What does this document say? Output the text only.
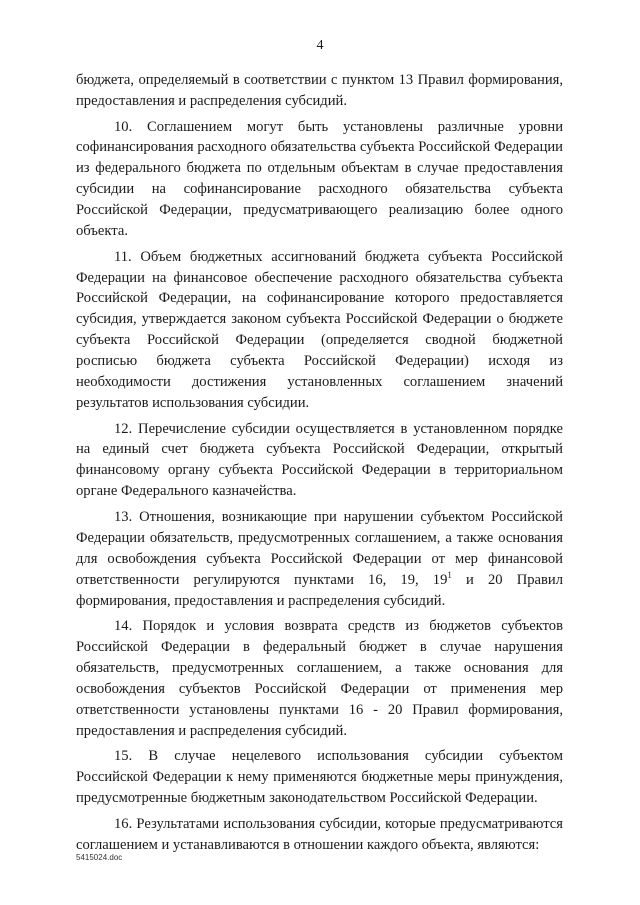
4

бюджета, определяемый в соответствии с пунктом 13 Правил формирования, предоставления и распределения субсидий.

10. Соглашением могут быть установлены различные уровни софинансирования расходного обязательства субъекта Российской Федерации из федерального бюджета по отдельным объектам в случае предоставления субсидии на софинансирование расходного обязательства субъекта Российской Федерации, предусматривающего реализацию более одного объекта.

11. Объем бюджетных ассигнований бюджета субъекта Российской Федерации на финансовое обеспечение расходного обязательства субъекта Российской Федерации, на софинансирование которого предоставляется субсидия, утверждается законом субъекта Российской Федерации о бюджете субъекта Российской Федерации (определяется сводной бюджетной росписью бюджета субъекта Российской Федерации) исходя из необходимости достижения установленных соглашением значений результатов использования субсидии.

12. Перечисление субсидии осуществляется в установленном порядке на единый счет бюджета субъекта Российской Федерации, открытый финансовому органу субъекта Российской Федерации в территориальном органе Федерального казначейства.

13. Отношения, возникающие при нарушении субъектом Российской Федерации обязательств, предусмотренных соглашением, а также основания для освобождения субъекта Российской Федерации от мер финансовой ответственности регулируются пунктами 16, 19, $19^1$ и 20 Правил формирования, предоставления и распределения субсидий.

14. Порядок и условия возврата средств из бюджетов субъектов Российской Федерации в федеральный бюджет в случае нарушения обязательств, предусмотренных соглашением, а также основания для освобождения субъектов Российской Федерации от применения мер ответственности установлены пунктами 16 - 20 Правил формирования, предоставления и распределения субсидий.

15. В случае нецелевого использования субсидии субъектом Российской Федерации к нему применяются бюджетные меры принуждения, предусмотренные бюджетным законодательством Российской Федерации.

16. Результатами использования субсидии, которые предусматриваются соглашением и устанавливаются в отношении каждого объекта, являются:

5415024.doc
